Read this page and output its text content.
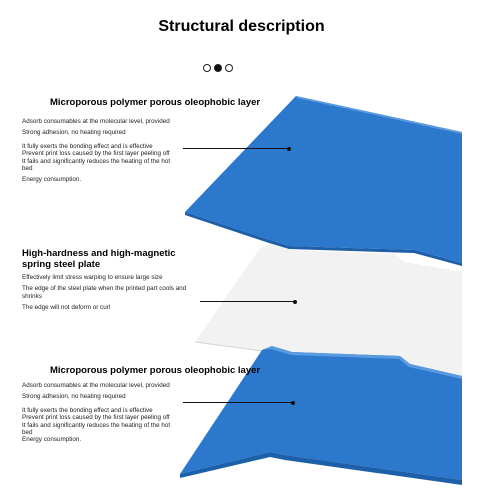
Structural description
Microporous polymer porous oleophobic layer

Adsorb consumables at the molecular level, provided

Strong adhesion, no heating required

It fully exerts the bonding effect and is effective

Prevent print loss caused by the first layer peeling off

It fails and significantly reduces the heating of the hot bed

Energy consumption.

High-hardness and high-magnetic spring steel plate

Effectively limit stress warping to ensure large size

The edge of the steel plate when the printed part cools and shrinks

The edge will not deform or curl

Microporous polymer porous oleophobic layer

Adsorb consumables at the molecular level, provided

Strong adhesion, no heating required

It fully exerts the bonding effect and is effective

Prevent print loss caused by the first layer peeling off

It fails and significantly reduces the heating of the hot bed

Energy consumption.
